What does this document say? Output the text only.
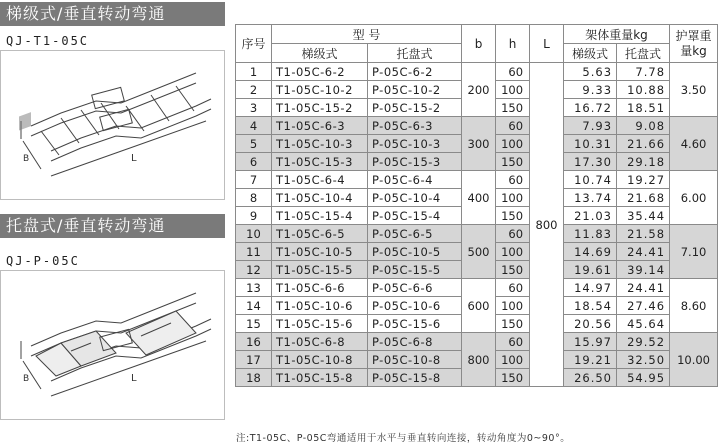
梯级式/垂直转动弯通
QJ-T1-05C
L
B
托盘式/垂直转动弯通
QJ-P-05C
L
B
序号	型 号		b	h	L	架体重量kg		护罩重量kg
	梯级式	托盘式				梯级式	托盘式	
1	T1-05C-6-2	P-05C-6-2	200	60	800	5.63	7.78	3.50
2	T1-05C-10-2	P-05C-10-2		100		9.33	10.88	
3	T1-05C-15-2	P-05C-15-2		150		16.72	18.51	
4	T1-05C-6-3	P-05C-6-3	300	60		7.93	9.08	4.60
5	T1-05C-10-3	P-05C-10-3		100		10.31	21.66	
6	T1-05C-15-3	P-05C-15-3		150		17.30	29.18	
7	T1-05C-6-4	P-05C-6-4	400	60		10.74	19.27	6.00
8	T1-05C-10-4	P-05C-10-4		100		13.74	21.68	
9	T1-05C-15-4	P-05C-15-4		150		21.03	35.44	
10	T1-05C-6-5	P-05C-6-5	500	60		11.83	21.58	7.10
11	T1-05C-10-5	P-05C-10-5		100		14.69	24.41	
12	T1-05C-15-5	P-05C-15-5		150		19.61	39.14	
13	T1-05C-6-6	P-05C-6-6	600	60		14.97	24.41	8.60
14	T1-05C-10-6	P-05C-10-6		100		18.54	27.46	
15	T1-05C-15-6	P-05C-15-6		150		20.56	45.64	
16	T1-05C-6-8	P-05C-6-8	800	60		15.97	29.52	10.00
17	T1-05C-10-8	P-05C-10-8		100		19.21	32.50	
18	T1-05C-15-8	P-05C-15-8		150		26.50	54.95	
注:T1-05C、P-05C弯通适用于水平与垂直转向连接，转动角度为0~90°。
